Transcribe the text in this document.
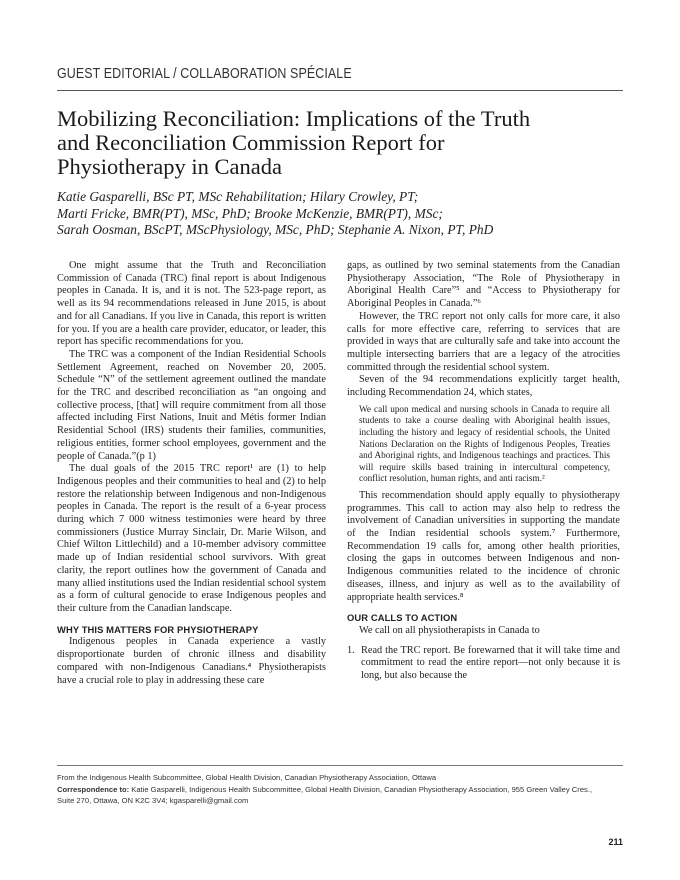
GUEST EDITORIAL / COLLABORATION SPÉCIALE
Mobilizing Reconciliation: Implications of the Truth
and Reconciliation Commission Report for
Physiotherapy in Canada
Katie Gasparelli, BSc PT, MSc Rehabilitation; Hilary Crowley, PT;
Marti Fricke, BMR(PT), MSc, PhD; Brooke McKenzie, BMR(PT), MSc;
Sarah Oosman, BScPT, MScPhysiology, MSc, PhD; Stephanie A. Nixon, PT, PhD

One might assume that the Truth and Reconciliation Commission of Canada (TRC) final report is about Indigenous peoples in Canada. It is, and it is not. The 523-page report, as well as its 94 recommendations released in June 2015, is about and for all Canadians. If you live in Canada, this report is written for you. If you are a health care provider, educator, or leader, this report has specific recommendations for you.

The TRC was a component of the Indian Residential Schools Settlement Agreement, reached on November 20, 2005. Schedule “N” of the settlement agreement outlined the mandate for the TRC and described reconciliation as “an ongoing and collective process, [that] will require commitment from all those affected including First Nations, Inuit and Métis former Indian Residential School (IRS) students their families, communities, religious entities, former school employees, government and the people of Canada.”(p 1)

The dual goals of the 2015 TRC report¹ are (1) to help Indigenous peoples and their communities to heal and (2) to help restore the relationship between Indigenous and non-Indigenous peoples in Canada. The report is the result of a 6-year process during which 7 000 witness testimonies were heard by three commissioners (Justice Murray Sinclair, Dr. Marie Wilson, and Chief Wilton Littlechild) and a 10-member advisory committee made up of Indian residential school survivors. With great clarity, the report outlines how the government of Canada and many allied institutions used the Indian residential school system as a form of cultural genocide to erase Indigenous peoples and their culture from the Canadian landscape.

WHY THIS MATTERS FOR PHYSIOTHERAPY

Indigenous peoples in Canada experience a vastly disproportionate burden of chronic illness and disability compared with non-Indigenous Canadians.⁴ Physiotherapists have a crucial role to play in addressing these care

gaps, as outlined by two seminal statements from the Canadian Physiotherapy Association, “The Role of Physiotherapy in Aboriginal Health Care”⁵ and “Access to Physiotherapy for Aboriginal Peoples in Canada.”⁶

However, the TRC report not only calls for more care, it also calls for more effective care, referring to services that are provided in ways that are culturally safe and take into account the multiple intersecting barriers that are a legacy of the atrocities committed through the residential school system.

Seven of the 94 recommendations explicitly target health, including Recommendation 24, which states,

We call upon medical and nursing schools in Canada to require all students to take a course dealing with Aboriginal health issues, including the history and legacy of residential schools, the United Nations Declaration on the Rights of Indigenous Peoples, Treaties and Aboriginal rights, and Indigenous teachings and practices. This will require skills based training in intercultural competency, conflict resolution, human rights, and anti racism.²

This recommendation should apply equally to physiotherapy programmes. This call to action may also help to redress the involvement of Canadian universities in supporting the mandate of the Indian residential schools system.⁷ Furthermore, Recommendation 19 calls for, among other health priorities, closing the gaps in outcomes between Indigenous and non-Indigenous communities related to the incidence of chronic diseases, illness, and injury as well as to the availability of appropriate health services.⁸

OUR CALLS TO ACTION

We call on all physiotherapists in Canada to

1. Read the TRC report. Be forewarned that it will take time and commitment to read the entire report—not only because it is long, but also because the
From the Indigenous Health Subcommittee, Global Health Division, Canadian Physiotherapy Association, Ottawa
Correspondence to: Katie Gasparelli, Indigenous Health Subcommittee, Global Health Division, Canadian Physiotherapy Association, 955 Green Valley Cres.,
Suite 270, Ottawa, ON K2C 3V4; kgasparelli@gmail.com
211
